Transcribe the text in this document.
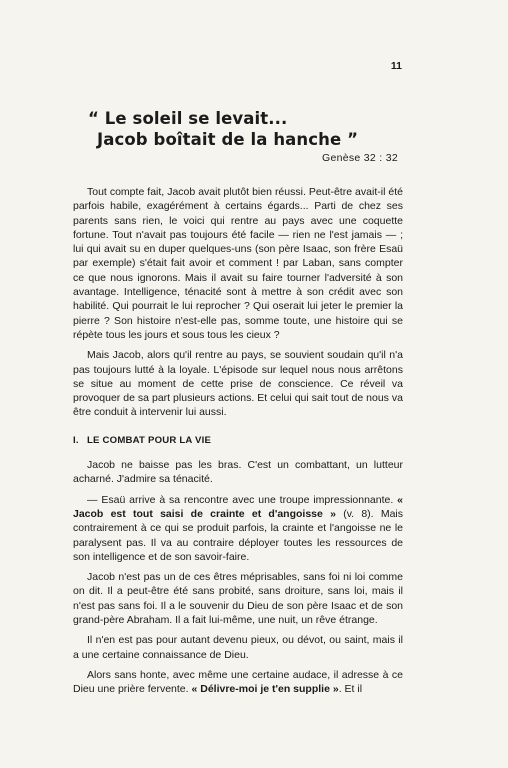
11
“ Le soleil se levait...
Jacob boîtait de la hanche ”
Genèse 32 : 32

Tout compte fait, Jacob avait plutôt bien réussi. Peut-être avait-il été parfois habile, exagérément à certains égards... Parti de chez ses parents sans rien, le voici qui rentre au pays avec une coquette fortune. Tout n'avait pas toujours été facile — rien ne l'est jamais — ; lui qui avait su en duper quelques-uns (son père Isaac, son frère Esaü par exemple) s'était fait avoir et comment ! par Laban, sans compter ce que nous ignorons. Mais il avait su faire tourner l'adversité à son avantage. Intelligence, ténacité sont à mettre à son crédit avec son habilité. Qui pourrait le lui reprocher ? Qui oserait lui jeter le premier la pierre ? Son histoire n'est-elle pas, somme toute, une histoire qui se répète tous les jours et sous tous les cieux ?

Mais Jacob, alors qu'il rentre au pays, se souvient soudain qu'il n'a pas toujours lutté à la loyale. L'épisode sur lequel nous nous arrêtons se situe au moment de cette prise de conscience. Ce réveil va provoquer de sa part plusieurs actions. Et celui qui sait tout de nous va être conduit à intervenir lui aussi.

I. LE COMBAT POUR LA VIE

Jacob ne baisse pas les bras. C'est un combattant, un lutteur acharné. J'admire sa ténacité.

— Esaü arrive à sa rencontre avec une troupe impressionnante. « Jacob est tout saisi de crainte et d'angoisse » (v. 8). Mais contrairement à ce qui se produit parfois, la crainte et l'angoisse ne le paralysent pas. Il va au contraire déployer toutes les ressources de son intelligence et de son savoir-faire.

Jacob n'est pas un de ces êtres méprisables, sans foi ni loi comme on dit. Il a peut-être été sans probité, sans droiture, sans loi, mais il n'est pas sans foi. Il a le souvenir du Dieu de son père Isaac et de son grand-père Abraham. Il a fait lui-même, une nuit, un rêve étrange.

Il n'en est pas pour autant devenu pieux, ou dévot, ou saint, mais il a une certaine connaissance de Dieu.

Alors sans honte, avec même une certaine audace, il adresse à ce Dieu une prière fervente. « Délivre-moi je t'en supplie ». Et il
